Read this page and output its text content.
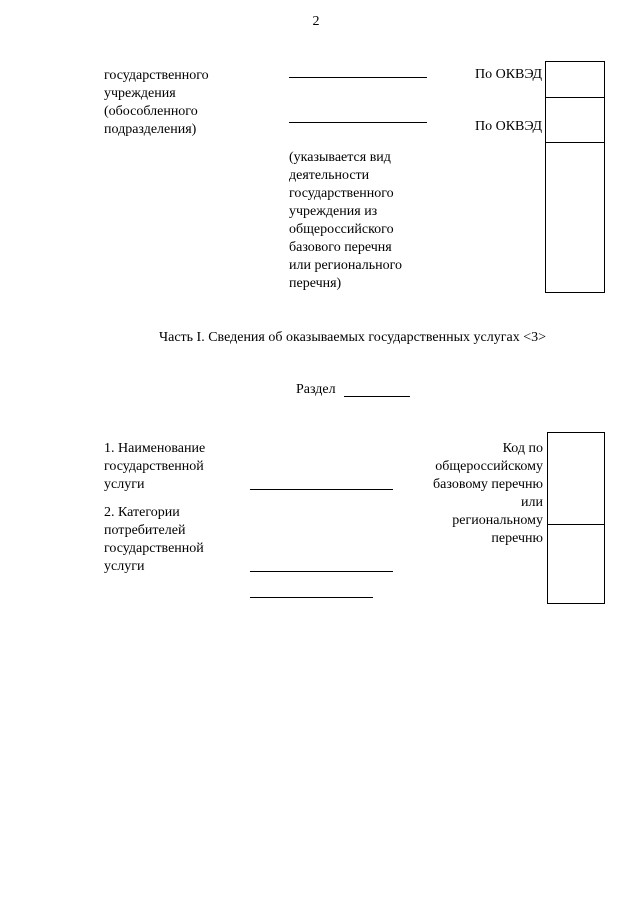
2
государственного
учреждения
(обособленного
подразделения)
По ОКВЭД
По ОКВЭД
(указывается вид
деятельности
государственного
учреждения из
общероссийского
базового перечня
или регионального
перечня)
Часть I. Сведения об оказываемых государственных услугах <3>
Раздел
1. Наименование
государственной
услуги
2. Категории
потребителей
государственной
услуги
Код по
общероссийскому
базовому перечню
или
региональному
перечню
